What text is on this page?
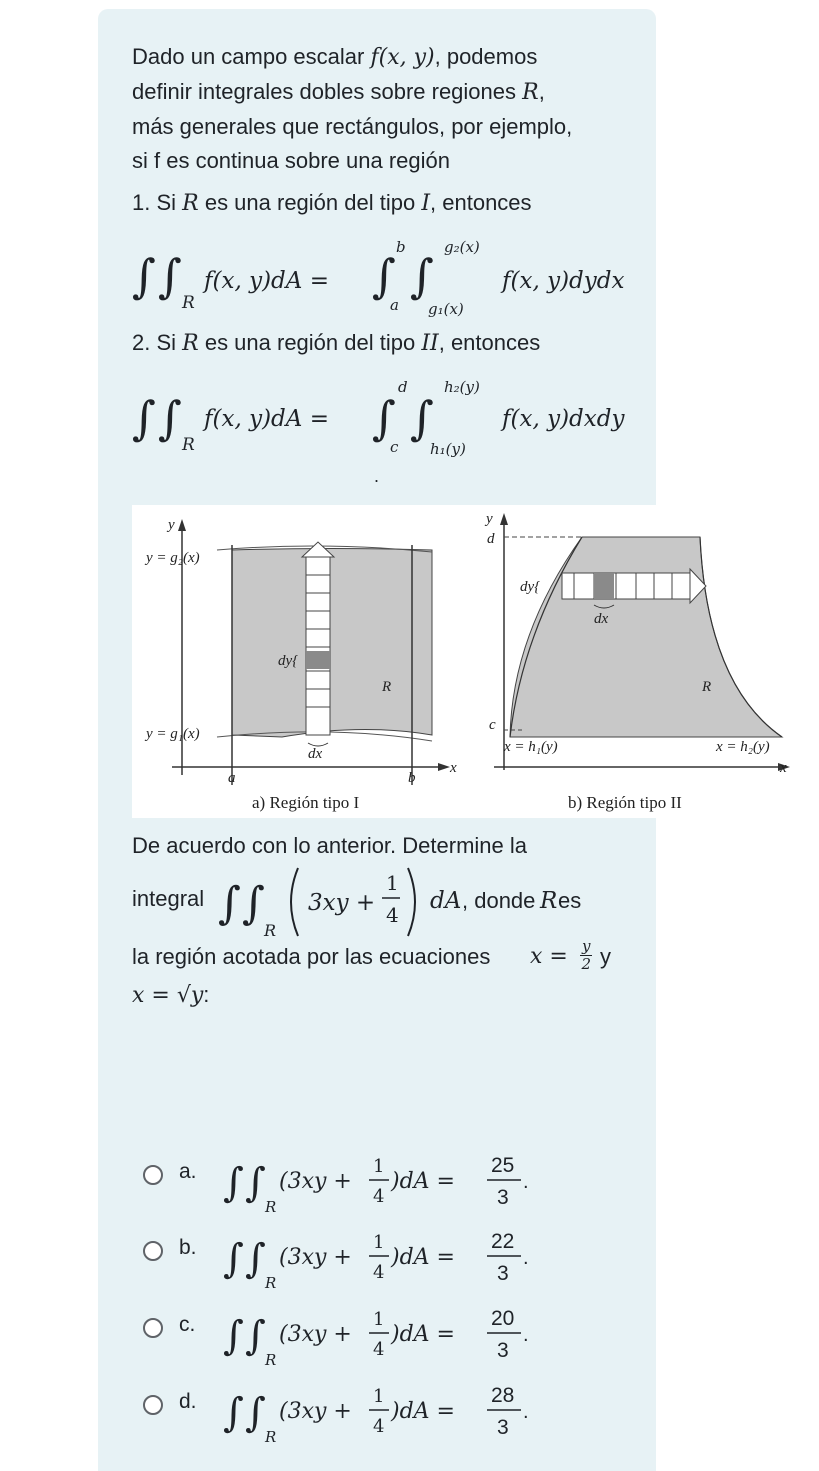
Dado un campo escalar f(x, y), podemos

definir integrales dobles sobre regiones R,

más generales que rectángulos, por ejemplo,

si f es continua sobre una región

1. Si R es una región del tipo I, entonces
∫ ∫ R
f(x, y)dA = ∫
b
a
∫
g₂(x)
g₁(x)
f(x, y)dydx
2. Si R es una región del tipo II, entonces
∫ ∫ R
f(x, y)dA = ∫
d
c
∫
h₂(y)
h₁(y)
f(x, y)dxdy
.
y = g₂(x)
y = g₁(x)
y
x
dy{
dx
R
a	b
a) Región tipo I
y
d
c
dy{
dx
R
x = h₁(y)	x = h₂(y)
x
b) Región tipo II
De acuerdo con lo anterior. Determine la
integral ∫ ∫
R
3xy +
1
4
dA , donde R es
la región acotada por las ecuaciones $x = \frac{y}{2}$ y
x = √y:
a. ∫ ∫
R
(3xy +
1
4
)dA =
25
3
.
b. ∫ ∫
R
(3xy +
1
4
)dA =
22
3
.
c. ∫ ∫
R
(3xy +
1
4
)dA =
20
3
.
d. ∫ ∫
R
(3xy +
1
4
)dA =
28
3
.
